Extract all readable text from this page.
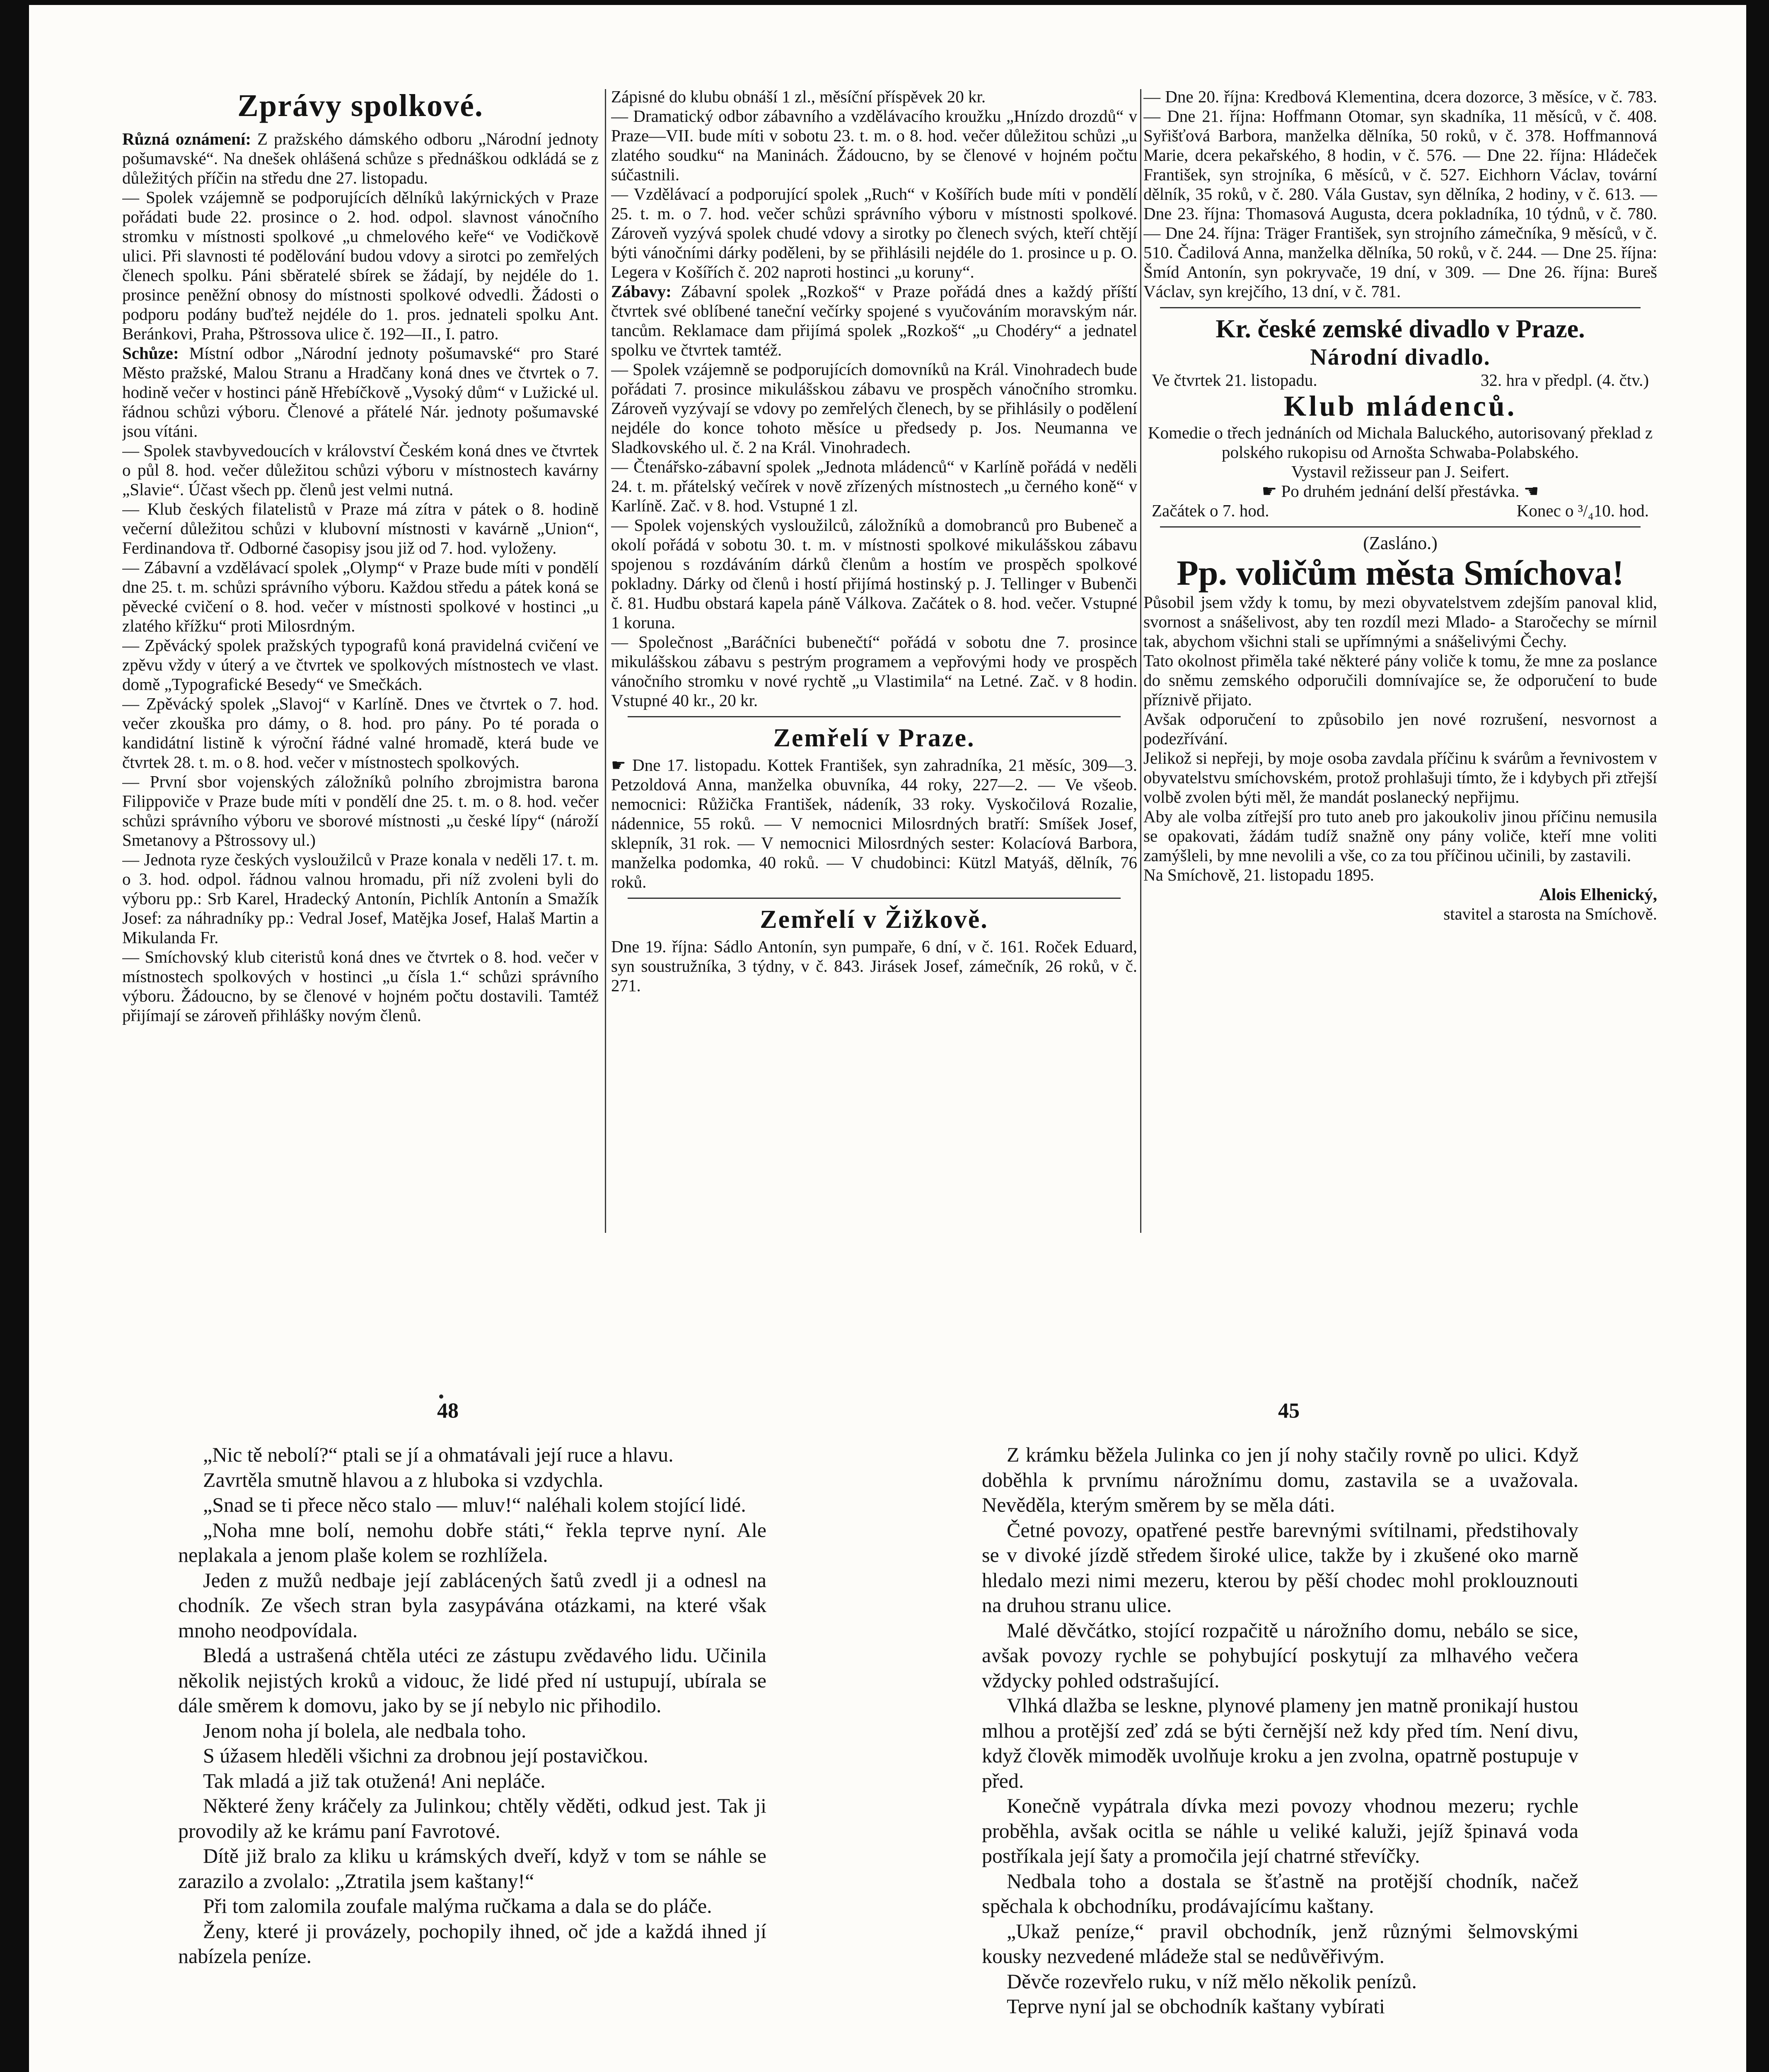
Zprávy spolkové.

Různá oznámení: Z pražského dámského odboru „Národní jednoty pošumavské“. Na dnešek ohlášená schůze s přednáškou odkládá se z důležitých příčin na středu dne 27. listopadu.

— Spolek vzájemně se podporujících dělníků lakýrnických v Praze pořádati bude 22. prosince o 2. hod. odpol. slavnost vánočního stromku v místnosti spolkové „u chmelového keře“ ve Vodičkově ulici. Při slavnosti té podělování budou vdovy a sirotci po zemřelých členech spolku. Páni sběratelé sbírek se žádají, by nejdéle do 1. prosince peněžní obnosy do místnosti spolkové odvedli. Žádosti o podporu podány buďtež nejdéle do 1. pros. jednateli spolku Ant. Beránkovi, Praha, Pštrossova ulice č. 192—II., I. patro.

Schůze: Místní odbor „Národní jednoty pošumavské“ pro Staré Město pražské, Malou Stranu a Hradčany koná dnes ve čtvrtek o 7. hodině večer v hostinci páně Hřebíčkově „Vysoký dům“ v Lužické ul. řádnou schůzi výboru. Členové a přátelé Nár. jednoty pošumavské jsou vítáni.

— Spolek stavbyvedoucích v království Českém koná dnes ve čtvrtek o půl 8. hod. večer důležitou schůzi výboru v místnostech kavárny „Slavie“. Účast všech pp. členů jest velmi nutná.

— Klub českých filatelistů v Praze má zítra v pátek o 8. hodině večerní důležitou schůzi v klubovní místnosti v kavárně „Union“, Ferdinandova tř. Odborné časopisy jsou již od 7. hod. vyloženy.

— Zábavní a vzdělávací spolek „Olymp“ v Praze bude míti v pondělí dne 25. t. m. schůzi správního výboru. Každou středu a pátek koná se pěvecké cvičení o 8. hod. večer v místnosti spolkové v hostinci „u zlatého křížku“ proti Milosrdným.

— Zpěvácký spolek pražských typografů koná pravidelná cvičení ve zpěvu vždy v úterý a ve čtvrtek ve spolkových místnostech ve vlast. domě „Typografické Besedy“ ve Smečkách.

— Zpěvácký spolek „Slavoj“ v Karlíně. Dnes ve čtvrtek o 7. hod. večer zkouška pro dámy, o 8. hod. pro pány. Po té porada o kandidátní listině k výroční řádné valné hromadě, která bude ve čtvrtek 28. t. m. o 8. hod. večer v místnostech spolkových.

— První sbor vojenských záložníků polního zbrojmistra barona Filippoviče v Praze bude míti v pondělí dne 25. t. m. o 8. hod. večer schůzi správního výboru ve sborové místnosti „u české lípy“ (nároží Smetanovy a Pštrossovy ul.)

— Jednota ryze českých vysloužilců v Praze konala v neděli 17. t. m. o 3. hod. odpol. řádnou valnou hromadu, při níž zvoleni byli do výboru pp.: Srb Karel, Hradecký Antonín, Pichlík Antonín a Smažík Josef: za náhradníky pp.: Vedral Josef, Matějka Josef, Halaš Martin a Mikulanda Fr.

— Smíchovský klub citeristů koná dnes ve čtvrtek o 8. hod. večer v místnostech spolkových v hostinci „u čísla 1.“ schůzi správního výboru. Žádoucno, by se členové v hojném počtu dostavili. Tamtéž přijímají se zároveň přihlášky novým členů.

Zápisné do klubu obnáší 1 zl., měsíční příspěvek 20 kr.

— Dramatický odbor zábavního a vzdělávacího kroužku „Hnízdo drozdů“ v Praze—VII. bude míti v sobotu 23. t. m. o 8. hod. večer důležitou schůzi „u zlatého soudku“ na Maninách. Žádoucno, by se členové v hojném počtu súčastnili.

— Vzdělávací a podporující spolek „Ruch“ v Košířích bude míti v pondělí 25. t. m. o 7. hod. večer schůzi správního výboru v místnosti spolkové. Zároveň vyzývá spolek chudé vdovy a sirotky po členech svých, kteří chtějí býti vánočními dárky poděleni, by se přihlásili nejdéle do 1. prosince u p. O. Legera v Košířích č. 202 naproti hostinci „u koruny“.

Zábavy: Zábavní spolek „Rozkoš“ v Praze pořádá dnes a každý příští čtvrtek své oblíbené taneční večírky spojené s vyučováním moravským nár. tancům. Reklamace dam přijímá spolek „Rozkoš“ „u Chodéry“ a jednatel spolku ve čtvrtek tamtéž.

— Spolek vzájemně se podporujících domovníků na Král. Vinohradech bude pořádati 7. prosince mikulášskou zábavu ve prospěch vánočního stromku. Zároveň vyzývají se vdovy po zemřelých členech, by se přihlásily o podělení nejdéle do konce tohoto měsíce u předsedy p. Jos. Neumanna ve Sladkovského ul. č. 2 na Král. Vinohradech.

— Čtenářsko-zábavní spolek „Jednota mládenců“ v Karlíně pořádá v neděli 24. t. m. přátelský večírek v nově zřízených místnostech „u černého koně“ v Karlíně. Zač. v 8. hod. Vstupné 1 zl.

— Spolek vojenských vysloužilců, záložníků a domobranců pro Bubeneč a okolí pořádá v sobotu 30. t. m. v místnosti spolkové mikulášskou zábavu spojenou s rozdáváním dárků členům a hostím ve prospěch spolkové pokladny. Dárky od členů i hostí přijímá hostinský p. J. Tellinger v Bubenči č. 81. Hudbu obstará kapela páně Válkova. Začátek o 8. hod. večer. Vstupné 1 koruna.

— Společnost „Baráčníci bubenečtí“ pořádá v sobotu dne 7. prosince mikulášskou zábavu s pestrým programem a vepřovými hody ve prospěch vánočního stromku v nové rychtě „u Vlastimila“ na Letné. Zač. v 8 hodin. Vstupné 40 kr., 20 kr.

Zemřelí v Praze.

☛ Dne 17. listopadu. Kottek František, syn zahradníka, 21 měsíc, 309—3. Petzoldová Anna, manželka obuvníka, 44 roky, 227—2. — Ve všeob. nemocnici: Růžička František, nádeník, 33 roky. Vyskočilová Rozalie, nádennice, 55 roků. — V nemocnici Milosrdných bratří: Smíšek Josef, sklepník, 31 rok. — V nemocnici Milosrdných sester: Kolacíová Barbora, manželka podomka, 40 roků. — V chudobinci: Kützl Matyáš, dělník, 76 roků.

Zemřelí v Žižkově.

Dne 19. října: Sádlo Antonín, syn pumpaře, 6 dní, v č. 161. Roček Eduard, syn soustružníka, 3 týdny, v č. 843. Jirásek Josef, zámečník, 26 roků, v č. 271.

— Dne 20. října: Kredbová Klementina, dcera dozorce, 3 měsíce, v č. 783. — Dne 21. října: Hoffmann Otomar, syn skadníka, 11 měsíců, v č. 408. Syřišťová Barbora, manželka dělníka, 50 roků, v č. 378. Hoffmannová Marie, dcera pekařského, 8 hodin, v č. 576. — Dne 22. října: Hládeček František, syn strojníka, 6 měsíců, v č. 527. Eichhorn Václav, tovární dělník, 35 roků, v č. 280. Vála Gustav, syn dělníka, 2 hodiny, v č. 613. — Dne 23. října: Thomasová Augusta, dcera pokladníka, 10 týdnů, v č. 780. — Dne 24. října: Träger František, syn strojního zámečníka, 9 měsíců, v č. 510. Čadilová Anna, manželka dělníka, 50 roků, v č. 244. — Dne 25. října: Šmíd Antonín, syn pokryvače, 19 dní, v 309. — Dne 26. října: Bureš Václav, syn krejčího, 13 dní, v č. 781.

Kr. české zemské divadlo v Praze.

Národní divadlo.

Ve čtvrtek 21. listopadu.	32. hra v předpl. (4. čtv.)

Klub mládenců.

Komedie o třech jednáních od Michala Baluckého, autorisovaný překlad z polského rukopisu od Arnošta Schwaba-Polabského.

Vystavil režisseur pan J. Seifert.

☛ Po druhém jednání delší přestávka. ☚

Začátek o 7. hod.	Konec o ³/₄10. hod.

(Zasláno.)

Pp. voličům města Smíchova!

Působil jsem vždy k tomu, by mezi obyvatelstvem zdejším panoval klid, svornost a snášelivost, aby ten rozdíl mezi Mlado- a Staročechy se mírnil tak, abychom všichni stali se upřímnými a snášelivými Čechy.

Tato okolnost přiměla také některé pány voliče k tomu, že mne za poslance do sněmu zemského odporučili domnívajíce se, že odporučení to bude příznivě přijato.

Avšak odporučení to způsobilo jen nové rozrušení, nesvornost a podezřívání.

Jelikož si nepřeji, by moje osoba zavdala příčinu k svárům a řevnivostem v obyvatelstvu smíchovském, protož prohlašuji tímto, že i kdybych při ztřejší volbě zvolen býti měl, že mandát poslanecký nepřijmu.

Aby ale volba zítřejší pro tuto aneb pro jakoukoliv jinou příčinu nemusila se opakovati, žádám tudíž snažně ony pány voliče, kteří mne voliti zamýšleli, by mne nevolili a vše, co za tou příčinou učinili, by zastavili.

Na Smíchově, 21. listopadu 1895.

Alois Elhenický,

stavitel a starosta na Smíchově.

48	45

„Nic tě nebolí?“ ptali se jí a ohmatávali její ruce a hlavu.

Zavrtěla smutně hlavou a z hluboka si vzdychla.

„Snad se ti přece něco stalo — mluv!“ naléhali kolem stojící lidé.

„Noha mne bolí, nemohu dobře státi,“ řekla teprve nyní. Ale neplakala a jenom plaše kolem se rozhlížela.

Jeden z mužů nedbaje její zablácených šatů zvedl ji a odnesl na chodník. Ze všech stran byla zasypávána otázkami, na které však mnoho neodpovídala.

Bledá a ustrašená chtěla utéci ze zástupu zvědavého lidu. Učinila několik nejistých kroků a vidouc, že lidé před ní ustupují, ubírala se dále směrem k domovu, jako by se jí nebylo nic přihodilo.

Jenom noha jí bolela, ale nedbala toho.

S úžasem hleděli všichni za drobnou její postavičkou.

Tak mladá a již tak otužená! Ani nepláče.

Některé ženy kráčely za Julinkou; chtěly věděti, odkud jest. Tak ji provodily až ke krámu paní Favrotové.

Dítě již bralo za kliku u krámských dveří, když v tom se náhle se zarazilo a zvolalo: „Ztratila jsem kaštany!“

Při tom zalomila zoufale malýma ručkama a dala se do pláče.

Ženy, které ji provázely, pochopily ihned, oč jde a každá ihned jí nabízela peníze.

Z krámku běžela Julinka co jen jí nohy stačily rovně po ulici. Když doběhla k prvnímu nárožnímu domu, zastavila se a uvažovala. Nevěděla, kterým směrem by se měla dáti.

Četné povozy, opatřené pestře barevnými svítilnami, předstihovaly se v divoké jízdě středem široké ulice, takže by i zkušené oko marně hledalo mezi nimi mezeru, kterou by pěší chodec mohl proklouznouti na druhou stranu ulice.

Malé děvčátko, stojící rozpačitě u nárožního domu, nebálo se sice, avšak povozy rychle se pohybující poskytují za mlhavého večera vždycky pohled odstrašující.

Vlhká dlažba se leskne, plynové plameny jen matně pronikají hustou mlhou a protější zeď zdá se býti černější než kdy před tím. Není divu, když člověk mimoděk uvolňuje kroku a jen zvolna, opatrně postupuje v před.

Konečně vypátrala dívka mezi povozy vhodnou mezeru; rychle proběhla, avšak ocitla se náhle u veliké kaluži, jejíž špinavá voda postříkala její šaty a promočila její chatrné střevíčky.

Nedbala toho a dostala se šťastně na protější chodník, načež spěchala k obchodníku, prodávajícímu kaštany.

„Ukaž peníze,“ pravil obchodník, jenž různými šelmovskými kousky nezvedené mládeže stal se nedůvěřivým.

Děvče rozevřelo ruku, v níž mělo několik penízů.

Teprve nyní jal se obchodník kaštany vybírati
